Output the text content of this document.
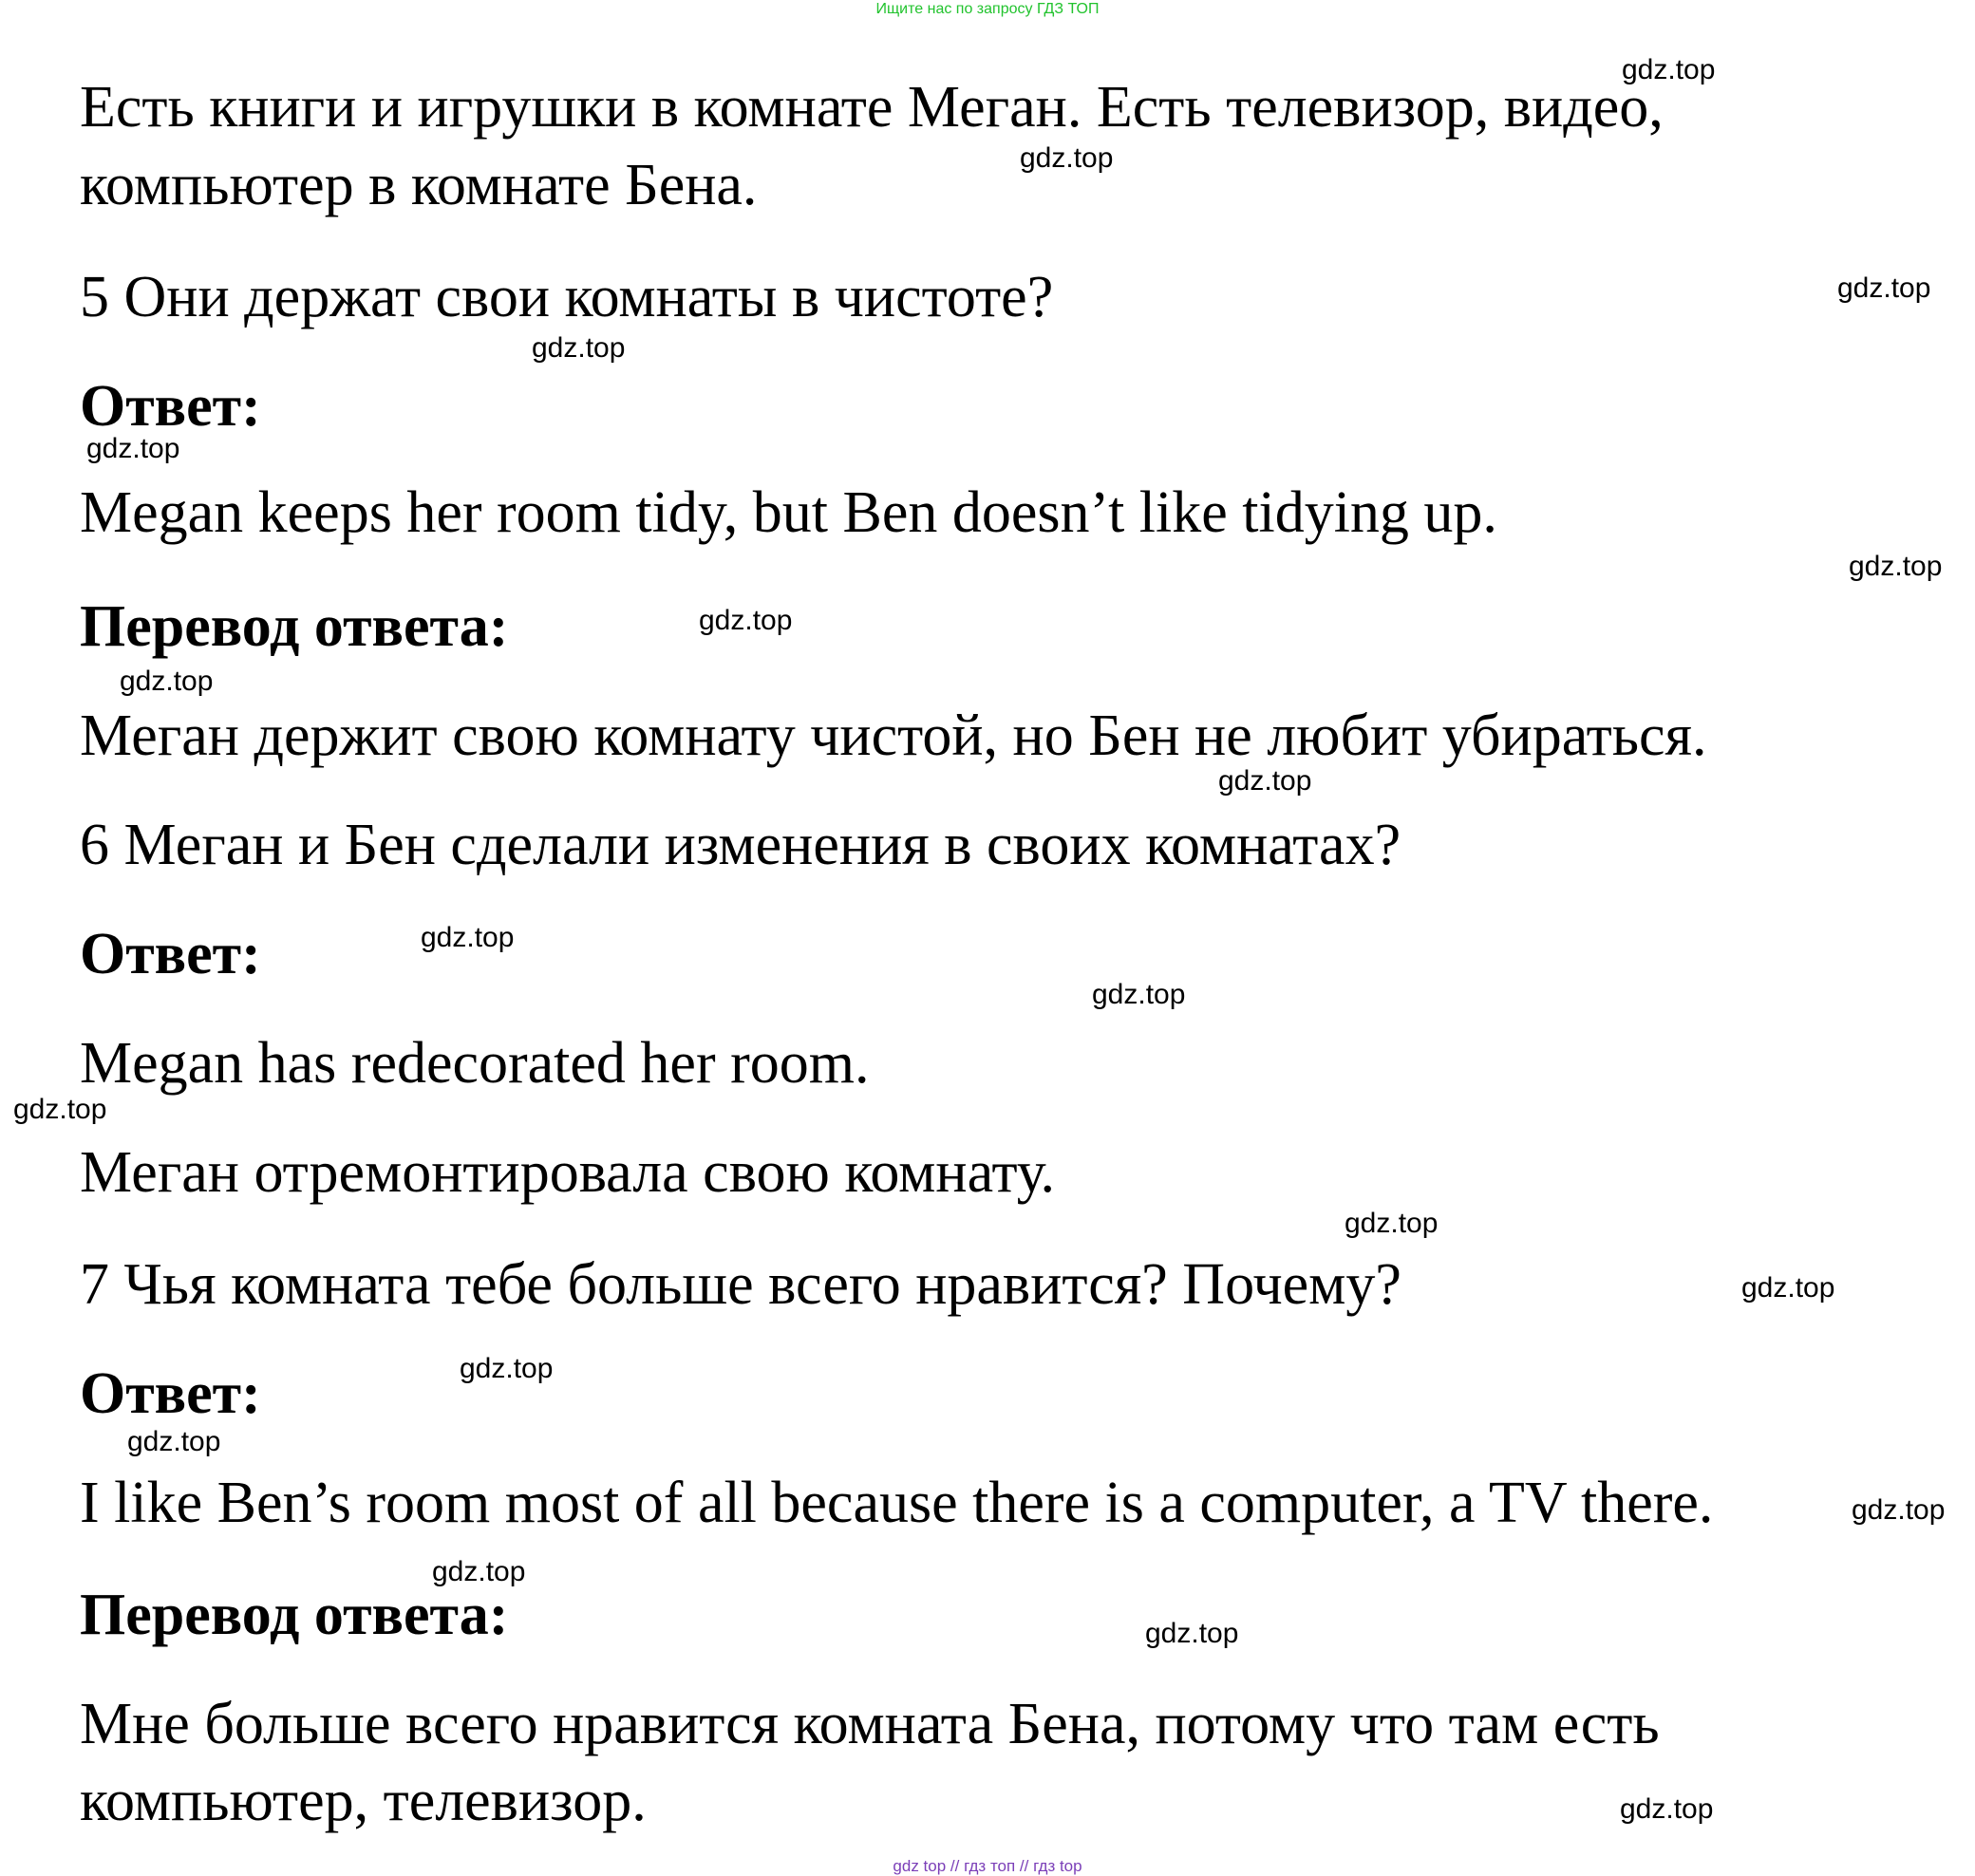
Ищите нас по запросу ГДЗ ТОП
Есть книги и игрушки в комнате Меган. Есть телевизор, видео,
компьютер в комнате Бена.
5 Они держат свои комнаты в чистоте?
Ответ:
Megan keeps her room tidy, but Ben doesn’t like tidying up.
Перевод ответа:
Меган держит свою комнату чистой, но Бен не любит убираться.
6 Меган и Бен сделали изменения в своих комнатах?
Ответ:
Megan has redecorated her room.
Меган отремонтировала свою комнату.
7 Чья комната тебе больше всего нравится? Почему?
Ответ:
I like Ben’s room most of all because there is a computer, a TV there.
Перевод ответа:
Мне больше всего нравится комната Бена, потому что там есть
компьютер, телевизор.
gdz.top
gdz.top
gdz.top
gdz.top
gdz.top
gdz.top
gdz.top
gdz.top
gdz.top
gdz.top
gdz.top
gdz.top
gdz.top
gdz.top
gdz.top
gdz.top
gdz.top
gdz.top
gdz.top
gdz.top
gdz top // гдз топ // гдз top
